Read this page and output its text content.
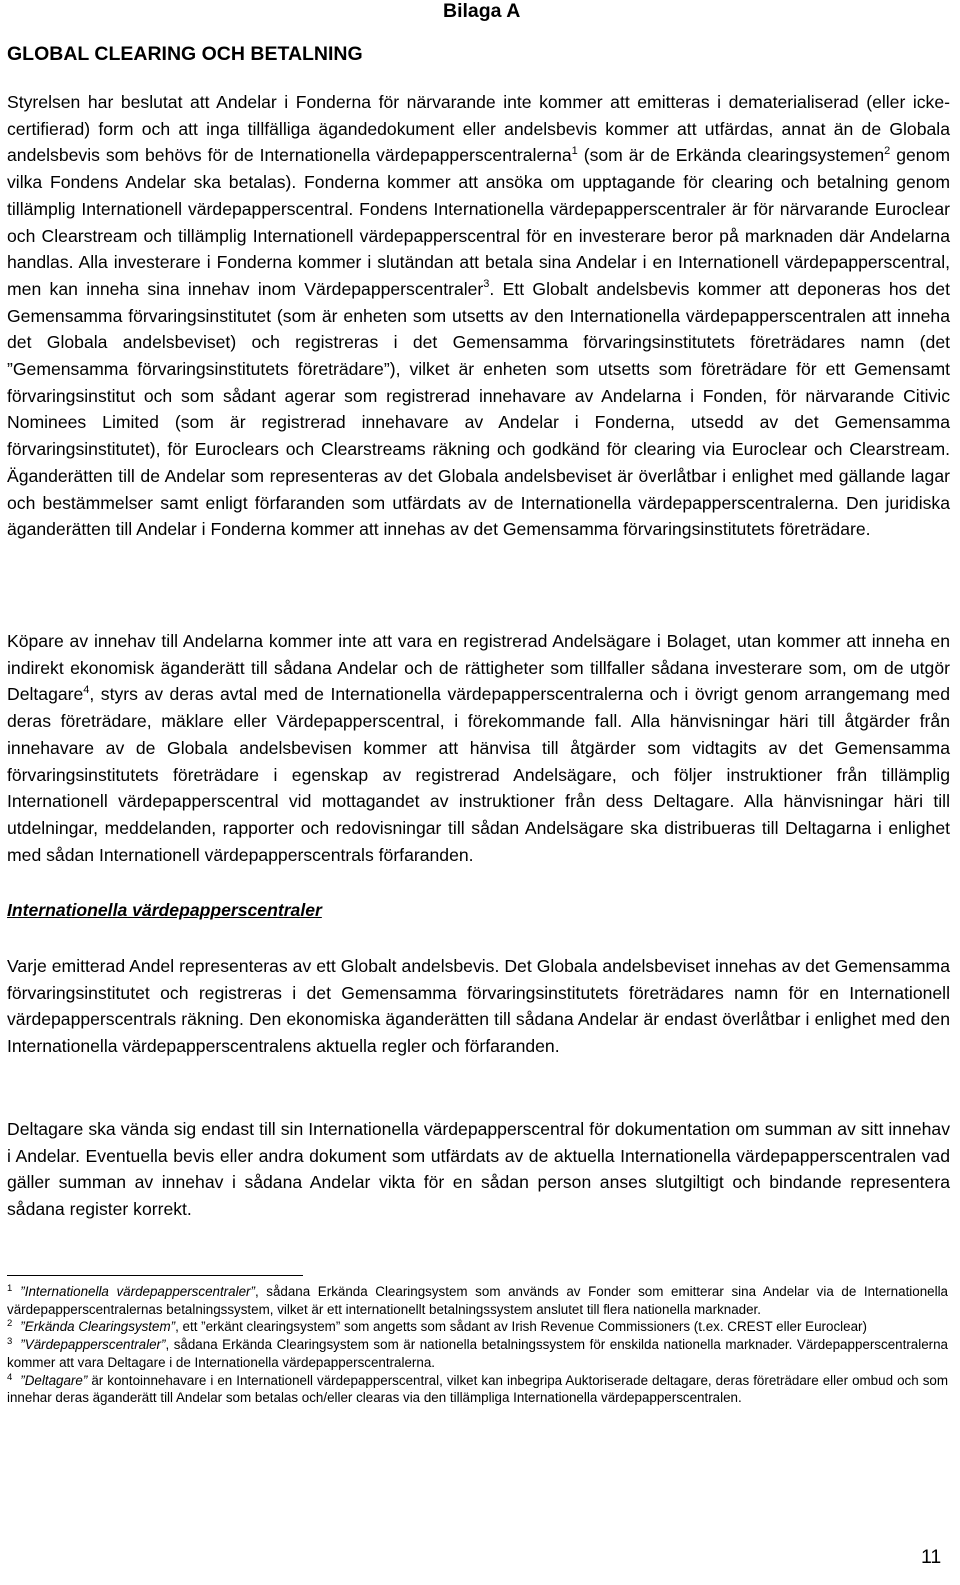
Bilaga A
GLOBAL CLEARING OCH BETALNING

Styrelsen har beslutat att Andelar i Fonderna för närvarande inte kommer att emitteras i dematerialiserad (eller icke-certifierad) form och att inga tillfälliga ägandedokument eller andelsbevis kommer att utfärdas, annat än de Globala andelsbevis som behövs för de Internationella värdepapperscentralerna$^1$ (som är de Erkända clearingsystemen$^2$ genom vilka Fondens Andelar ska betalas). Fonderna kommer att ansöka om upptagande för clearing och betalning genom tillämplig Internationell värdepapperscentral. Fondens Internationella värdepapperscentraler är för närvarande Euroclear och Clearstream och tillämplig Internationell värdepapperscentral för en investerare beror på marknaden där Andelarna handlas. Alla investerare i Fonderna kommer i slutändan att betala sina Andelar i en Internationell värdepapperscentral, men kan inneha sina innehav inom Värdepapperscentraler$^3$. Ett Globalt andelsbevis kommer att deponeras hos det Gemensamma förvaringsinstitutet (som är enheten som utsetts av den Internationella värdepapperscentralen att inneha det Globala andelsbeviset) och registreras i det Gemensamma förvaringsinstitutets företrädares namn (det ”Gemensamma förvaringsinstitutets företrädare”), vilket är enheten som utsetts som företrädare för ett Gemensamt förvaringsinstitut och som sådant agerar som registrerad innehavare av Andelarna i Fonden, för närvarande Citivic Nominees Limited (som är registrerad innehavare av Andelar i Fonderna, utsedd av det Gemensamma förvaringsinstitutet), för Euroclears och Clearstreams räkning och godkänd för clearing via Euroclear och Clearstream. Äganderätten till de Andelar som representeras av det Globala andelsbeviset är överlåtbar i enlighet med gällande lagar och bestämmelser samt enligt förfaranden som utfärdats av de Internationella värdepapperscentralerna. Den juridiska äganderätten till Andelar i Fonderna kommer att innehas av det Gemensamma förvaringsinstitutets företrädare.

Köpare av innehav till Andelarna kommer inte att vara en registrerad Andelsägare i Bolaget, utan kommer att inneha en indirekt ekonomisk äganderätt till sådana Andelar och de rättigheter som tillfaller sådana investerare som, om de utgör Deltagare$^4$, styrs av deras avtal med de Internationella värdepapperscentralerna och i övrigt genom arrangemang med deras företrädare, mäklare eller Värdepapperscentral, i förekommande fall. Alla hänvisningar häri till åtgärder från innehavare av de Globala andelsbevisen kommer att hänvisa till åtgärder som vidtagits av det Gemensamma förvaringsinstitutets företrädare i egenskap av registrerad Andelsägare, och följer instruktioner från tillämplig Internationell värdepapperscentral vid mottagandet av instruktioner från dess Deltagare. Alla hänvisningar häri till utdelningar, meddelanden, rapporter och redovisningar till sådan Andelsägare ska distribueras till Deltagarna i enlighet med sådan Internationell värdepapperscentrals förfaranden.

Internationella värdepapperscentraler

Varje emitterad Andel representeras av ett Globalt andelsbevis. Det Globala andelsbeviset innehas av det Gemensamma förvaringsinstitutet och registreras i det Gemensamma förvaringsinstitutets företrädares namn för en Internationell värdepapperscentrals räkning. Den ekonomiska äganderätten till sådana Andelar är endast överlåtbar i enlighet med den Internationella värdepapperscentralens aktuella regler och förfaranden.

Deltagare ska vända sig endast till sin Internationella värdepapperscentral för dokumentation om summan av sitt innehav i Andelar. Eventuella bevis eller andra dokument som utfärdats av de aktuella Internationella värdepapperscentralen vad gäller summan av innehav i sådana Andelar vikta för en sådan person anses slutgiltigt och bindande representera sådana register korrekt.

$^1$ ”Internationella värdepapperscentraler”, sådana Erkända Clearingsystem som används av Fonder som emitterar sina Andelar via de Internationella värdepapperscentralernas betalningssystem, vilket är ett internationellt betalningssystem anslutet till flera nationella marknader.

$^2$ ”Erkända Clearingsystem”, ett ”erkänt clearingsystem” som angetts som sådant av Irish Revenue Commissioners (t.ex. CREST eller Euroclear)

$^3$ ”Värdepapperscentraler”, sådana Erkända Clearingsystem som är nationella betalningssystem för enskilda nationella marknader. Värdepapperscentralerna kommer att vara Deltagare i de Internationella värdepapperscentralerna.

$^4$ ”Deltagare” är kontoinnehavare i en Internationell värdepapperscentral, vilket kan inbegripa Auktoriserade deltagare, deras företrädare eller ombud och som innehar deras äganderätt till Andelar som betalas och/eller clearas via den tillämpliga Internationella värdepapperscentralen.

11
